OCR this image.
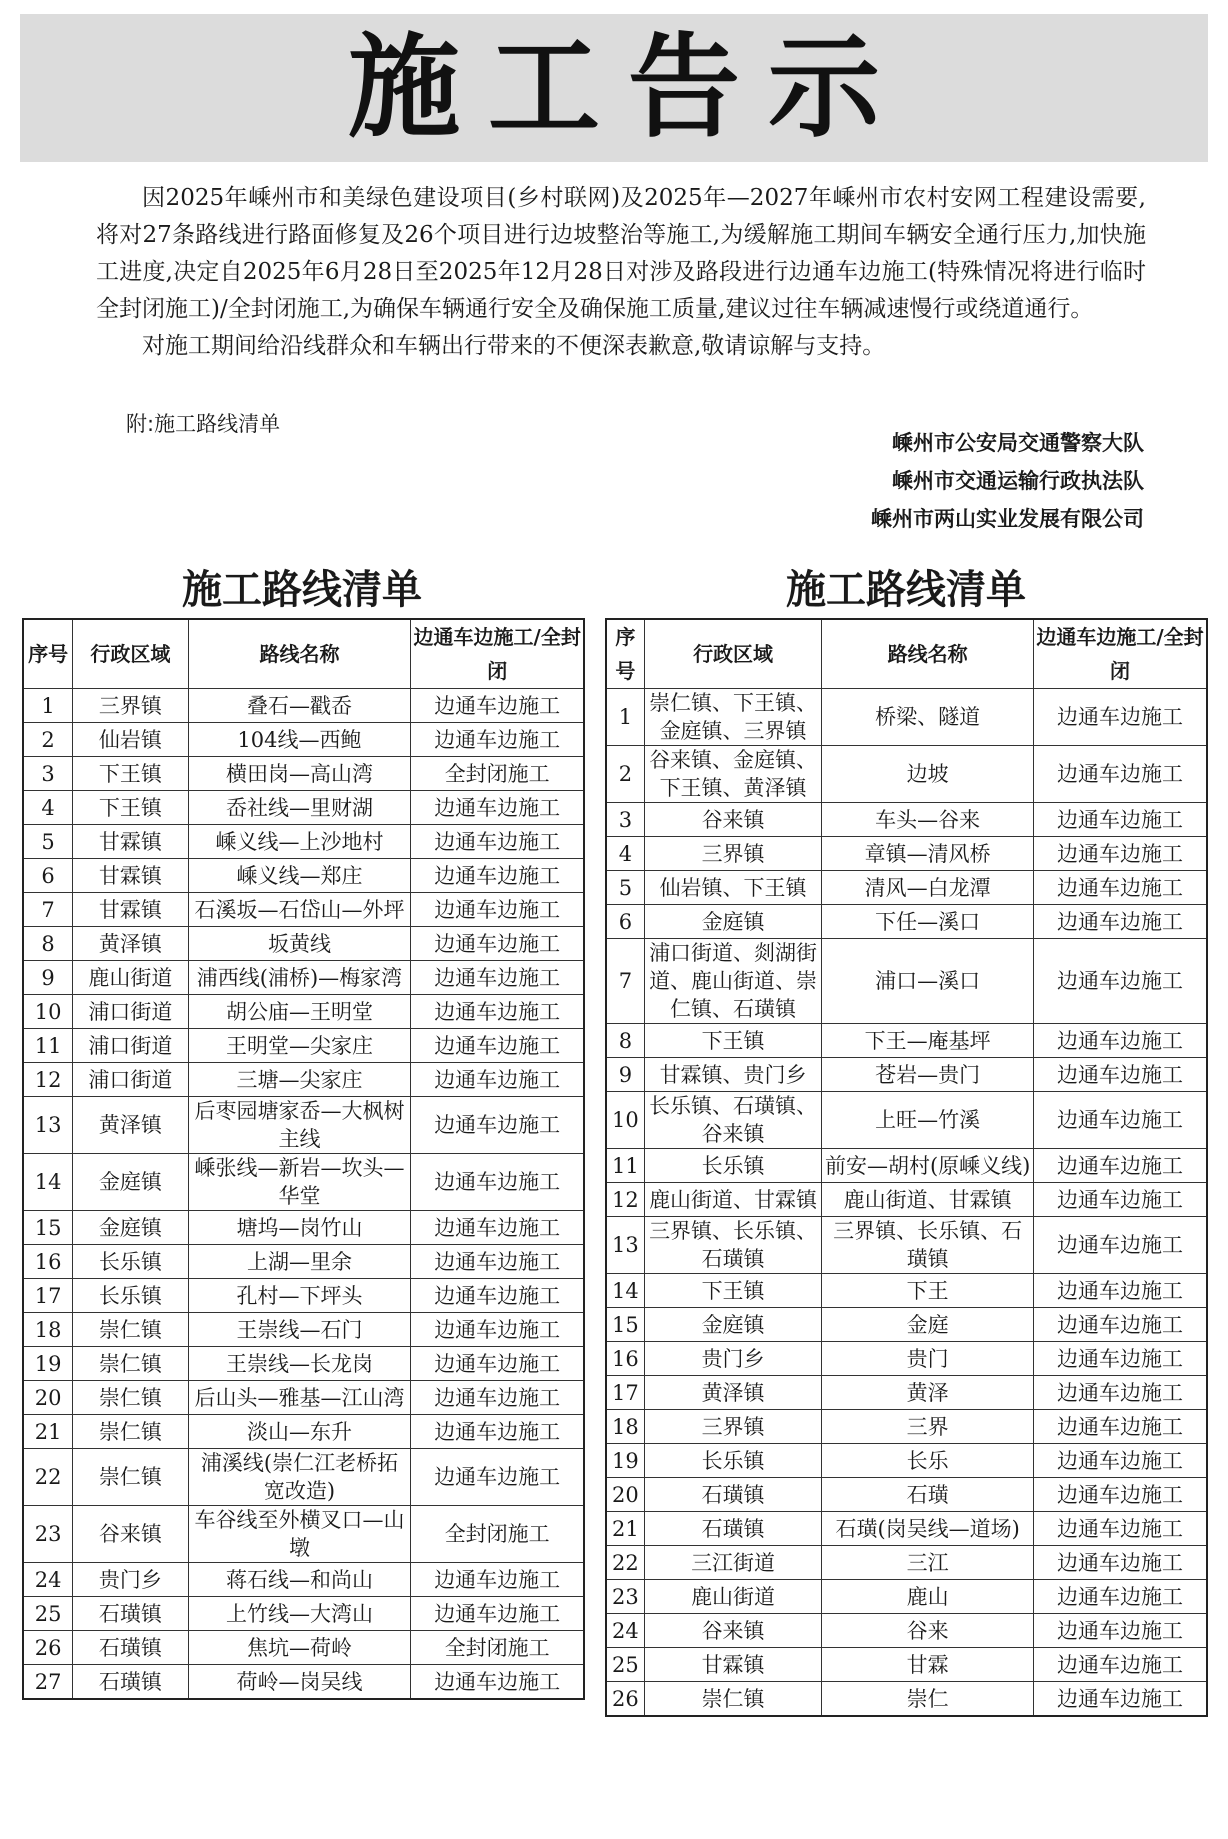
施工告示

因2025年嵊州市和美绿色建设项目(乡村联网)及2025年—2027年嵊州市农村安网工程建设需要,将对27条路线进行路面修复及26个项目进行边坡整治等施工,为缓解施工期间车辆安全通行压力,加快施工进度,决定自2025年6月28日至2025年12月28日对涉及路段进行边通车边施工(特殊情况将进行临时全封闭施工)/全封闭施工,为确保车辆通行安全及确保施工质量,建议过往车辆减速慢行或绕道通行。

对施工期间给沿线群众和车辆出行带来的不便深表歉意,敬请谅解与支持。

附:施工路线清单
嵊州市公安局交通警察大队
嵊州市交通运输行政执法队
嵊州市两山实业发展有限公司
施工路线清单	施工路线清单
序号	行政区域	路线名称	边通车边施工/全封闭
1	三界镇	叠石—戳岙	边通车边施工
2	仙岩镇	104线—西鲍	边通车边施工
3	下王镇	横田岗—高山湾	全封闭施工
4	下王镇	岙社线—里财湖	边通车边施工
5	甘霖镇	嵊义线—上沙地村	边通车边施工
6	甘霖镇	嵊义线—郑庄	边通车边施工
7	甘霖镇	石溪坂—石岱山—外坪	边通车边施工
8	黄泽镇	坂黄线	边通车边施工
9	鹿山街道	浦西线(浦桥)—梅家湾	边通车边施工
10	浦口街道	胡公庙—王明堂	边通车边施工
11	浦口街道	王明堂—尖家庄	边通车边施工
12	浦口街道	三塘—尖家庄	边通车边施工
13	黄泽镇	后枣园塘家岙—大枫树主线	边通车边施工
14	金庭镇	嵊张线—新岩—坎头—华堂	边通车边施工
15	金庭镇	塘坞—岗竹山	边通车边施工
16	长乐镇	上湖—里余	边通车边施工
17	长乐镇	孔村—下坪头	边通车边施工
18	崇仁镇	王崇线—石门	边通车边施工
19	崇仁镇	王崇线—长龙岗	边通车边施工
20	崇仁镇	后山头—雅基—江山湾	边通车边施工
21	崇仁镇	淡山—东升	边通车边施工
22	崇仁镇	浦溪线(崇仁江老桥拓宽改造)	边通车边施工
23	谷来镇	车谷线至外横叉口—山墩	全封闭施工
24	贵门乡	蒋石线—和尚山	边通车边施工
25	石璜镇	上竹线—大湾山	边通车边施工
26	石璜镇	焦坑—荷岭	全封闭施工
27	石璜镇	荷岭—岗吴线	边通车边施工
序号	行政区域	路线名称	边通车边施工/全封闭
1	崇仁镇、下王镇、金庭镇、三界镇	桥梁、隧道	边通车边施工
2	谷来镇、金庭镇、下王镇、黄泽镇	边坡	边通车边施工
3	谷来镇	车头—谷来	边通车边施工
4	三界镇	章镇—清风桥	边通车边施工
5	仙岩镇、下王镇	清风—白龙潭	边通车边施工
6	金庭镇	下任—溪口	边通车边施工
7	浦口街道、剡湖街道、鹿山街道、崇仁镇、石璜镇	浦口—溪口	边通车边施工
8	下王镇	下王—庵基坪	边通车边施工
9	甘霖镇、贵门乡	苍岩—贵门	边通车边施工
10	长乐镇、石璜镇、谷来镇	上旺—竹溪	边通车边施工
11	长乐镇	前安—胡村(原嵊义线)	边通车边施工
12	鹿山街道、甘霖镇	鹿山街道、甘霖镇	边通车边施工
13	三界镇、长乐镇、石璜镇	三界镇、长乐镇、石璜镇	边通车边施工
14	下王镇	下王	边通车边施工
15	金庭镇	金庭	边通车边施工
16	贵门乡	贵门	边通车边施工
17	黄泽镇	黄泽	边通车边施工
18	三界镇	三界	边通车边施工
19	长乐镇	长乐	边通车边施工
20	石璜镇	石璜	边通车边施工
21	石璜镇	石璜(岗吴线—道场)	边通车边施工
22	三江街道	三江	边通车边施工
23	鹿山街道	鹿山	边通车边施工
24	谷来镇	谷来	边通车边施工
25	甘霖镇	甘霖	边通车边施工
26	崇仁镇	崇仁	边通车边施工
